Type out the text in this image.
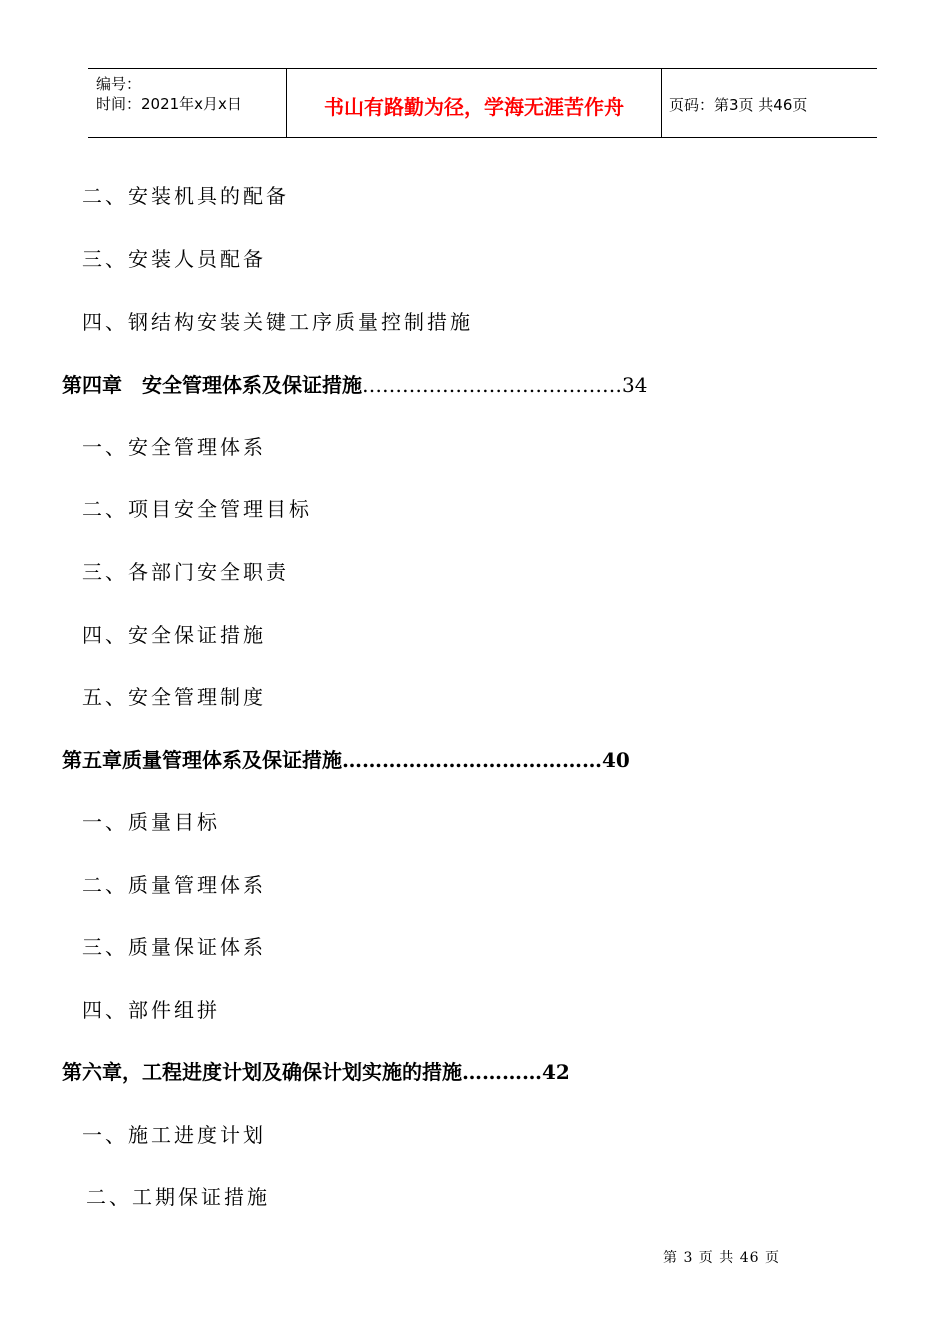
编号：
时间：2021年x月x日	书山有路勤为径，学海无涯苦作舟	页码：第3页 共46页
二、安装机具的配备
三、安装人员配备
四、钢结构安装关键工序质量控制措施
第四章　安全管理体系及保证措施…………………………………34
一、安全管理体系
二、项目安全管理目标
三、各部门安全职责
四、安全保证措施
五、安全管理制度
第五章质量管理体系及保证措施…………………………………40
一、质量目标
二、质量管理体系
三、质量保证体系
四、部件组拼
第六章，工程进度计划及确保计划实施的措施…………42
一、施工进度计划
二、工期保证措施
第 3 页 共 46 页
